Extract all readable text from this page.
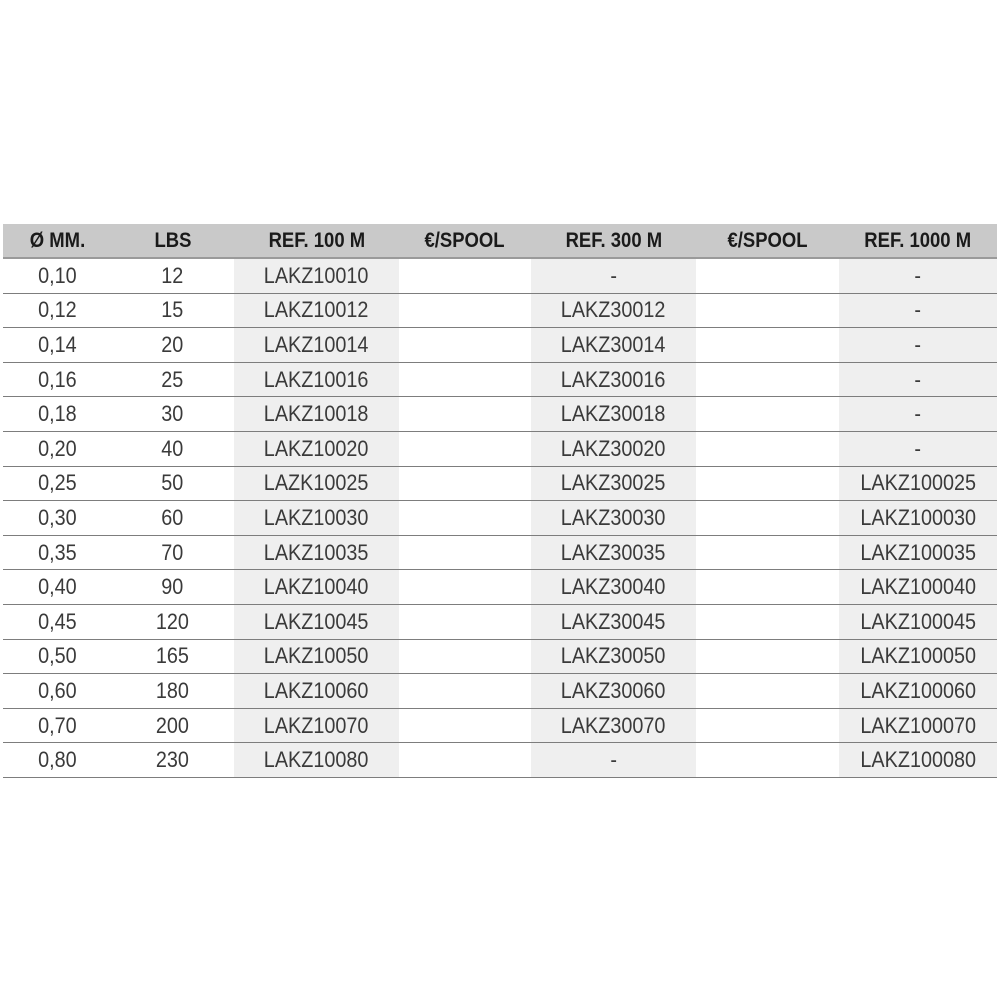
Ø MM.	LBS	REF. 100 M	€/SPOOL	REF. 300 M	€/SPOOL	REF. 1000 M
0,10	12	LAKZ10010		-		-
0,12	15	LAKZ10012		LAKZ30012		-
0,14	20	LAKZ10014		LAKZ30014		-
0,16	25	LAKZ10016		LAKZ30016		-
0,18	30	LAKZ10018		LAKZ30018		-
0,20	40	LAKZ10020		LAKZ30020		-
0,25	50	LAZK10025		LAKZ30025		LAKZ100025
0,30	60	LAKZ10030		LAKZ30030		LAKZ100030
0,35	70	LAKZ10035		LAKZ30035		LAKZ100035
0,40	90	LAKZ10040		LAKZ30040		LAKZ100040
0,45	120	LAKZ10045		LAKZ30045		LAKZ100045
0,50	165	LAKZ10050		LAKZ30050		LAKZ100050
0,60	180	LAKZ10060		LAKZ30060		LAKZ100060
0,70	200	LAKZ10070		LAKZ30070		LAKZ100070
0,80	230	LAKZ10080		-		LAKZ100080
